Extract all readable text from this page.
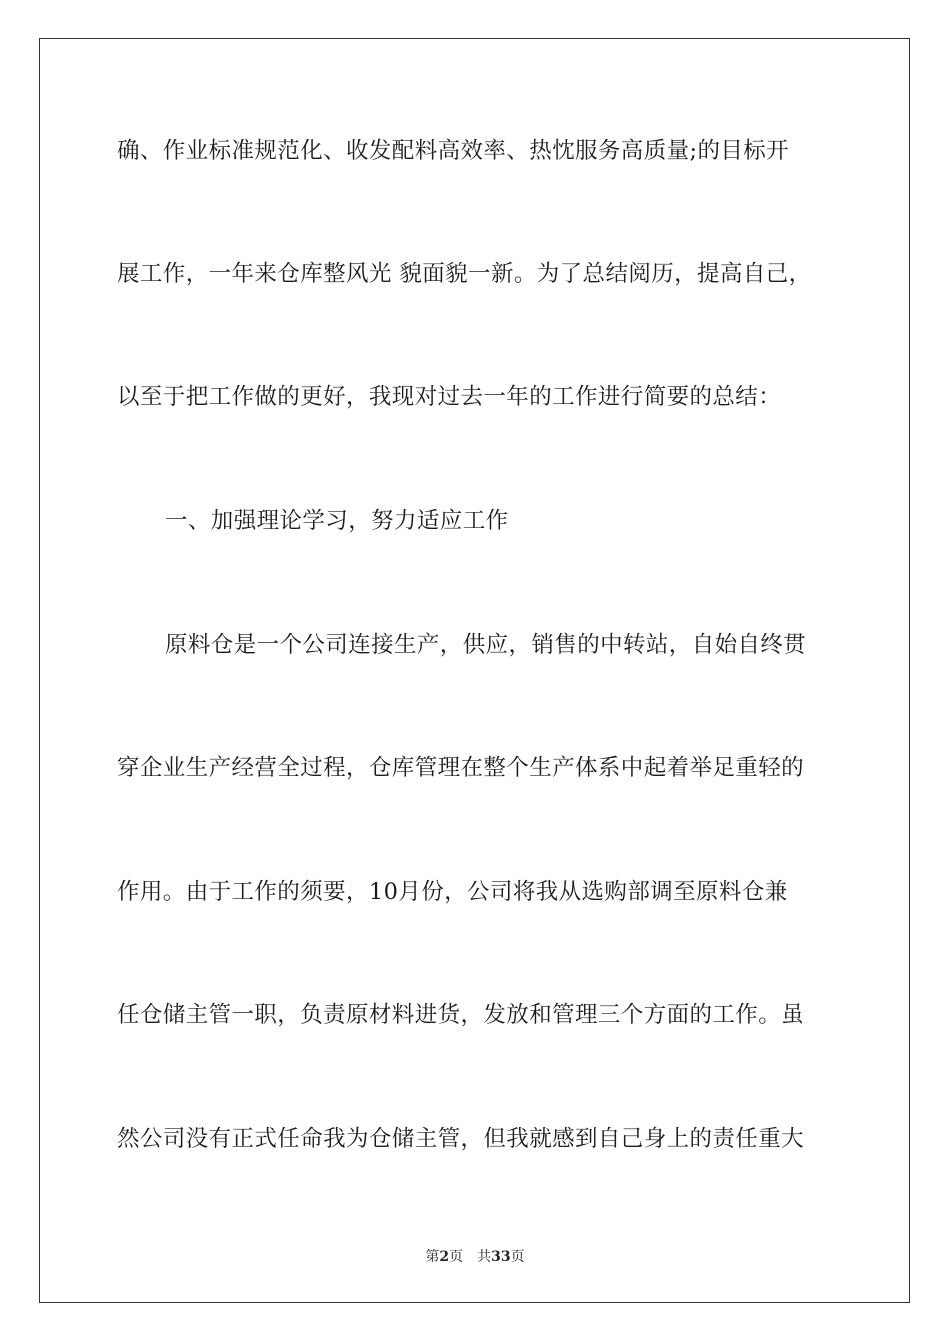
确、作业标准规范化、收发配料高效率、热忱服务高质量;的目标开
展工作，一年来仓库整风光 貌面貌一新。为了总结阅历，提高自己，
以至于把工作做的更好，我现对过去一年的工作进行简要的总结：
一、加强理论学习，努力适应工作
原料仓是一个公司连接生产，供应，销售的中转站，自始自终贯
穿企业生产经营全过程，仓库管理在整个生产体系中起着举足重轻的
作用。由于工作的须要，10月份，公司将我从选购部调至原料仓兼
任仓储主管一职，负责原材料进货，发放和管理三个方面的工作。虽
然公司没有正式任命我为仓储主管，但我就感到自己身上的责任重大
第2页 共33页
